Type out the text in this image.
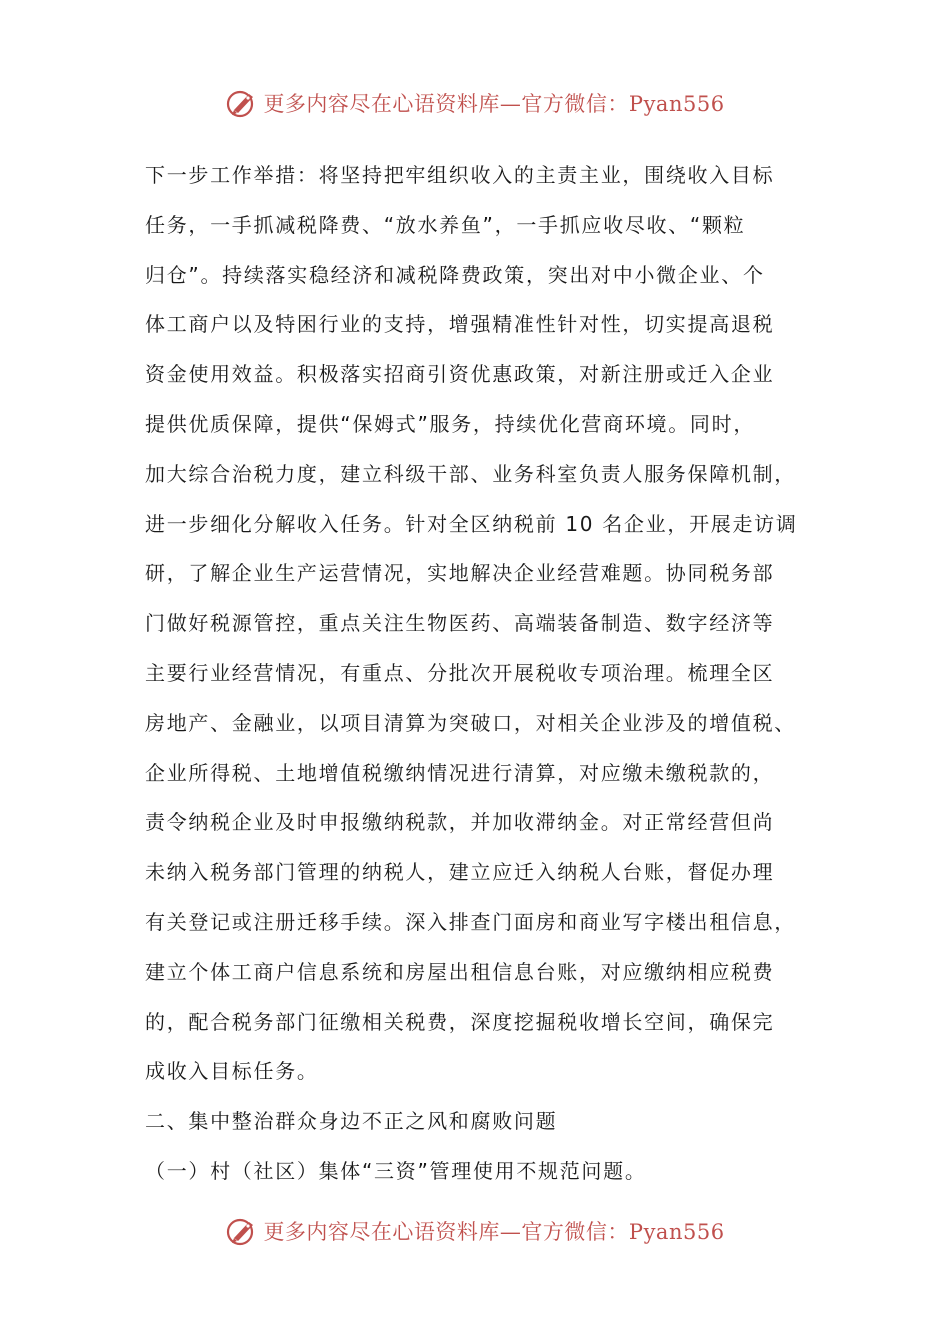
更多内容尽在心语资料库—官方微信：Pyan556

下一步工作举措：将坚持把牢组织收入的主责主业，围绕收入目标

任务，一手抓减税降费、“放水养鱼”，一手抓应收尽收、“颗粒

归仓”。持续落实稳经济和减税降费政策，突出对中小微企业、个

体工商户以及特困行业的支持，增强精准性针对性，切实提高退税

资金使用效益。积极落实招商引资优惠政策，对新注册或迁入企业

提供优质保障，提供“保姆式”服务，持续优化营商环境。同时，

加大综合治税力度，建立科级干部、业务科室负责人服务保障机制，

进一步细化分解收入任务。针对全区纳税前 10 名企业，开展走访调

研，了解企业生产运营情况，实地解决企业经营难题。协同税务部

门做好税源管控，重点关注生物医药、高端装备制造、数字经济等

主要行业经营情况，有重点、分批次开展税收专项治理。梳理全区

房地产、金融业，以项目清算为突破口，对相关企业涉及的增值税、

企业所得税、土地增值税缴纳情况进行清算，对应缴未缴税款的，

责令纳税企业及时申报缴纳税款，并加收滞纳金。对正常经营但尚

未纳入税务部门管理的纳税人，建立应迁入纳税人台账，督促办理

有关登记或注册迁移手续。深入排查门面房和商业写字楼出租信息，

建立个体工商户信息系统和房屋出租信息台账，对应缴纳相应税费

的，配合税务部门征缴相关税费，深度挖掘税收增长空间，确保完

成收入目标任务。

二、集中整治群众身边不正之风和腐败问题

（一）村（社区）集体“三资”管理使用不规范问题。

更多内容尽在心语资料库—官方微信：Pyan556
